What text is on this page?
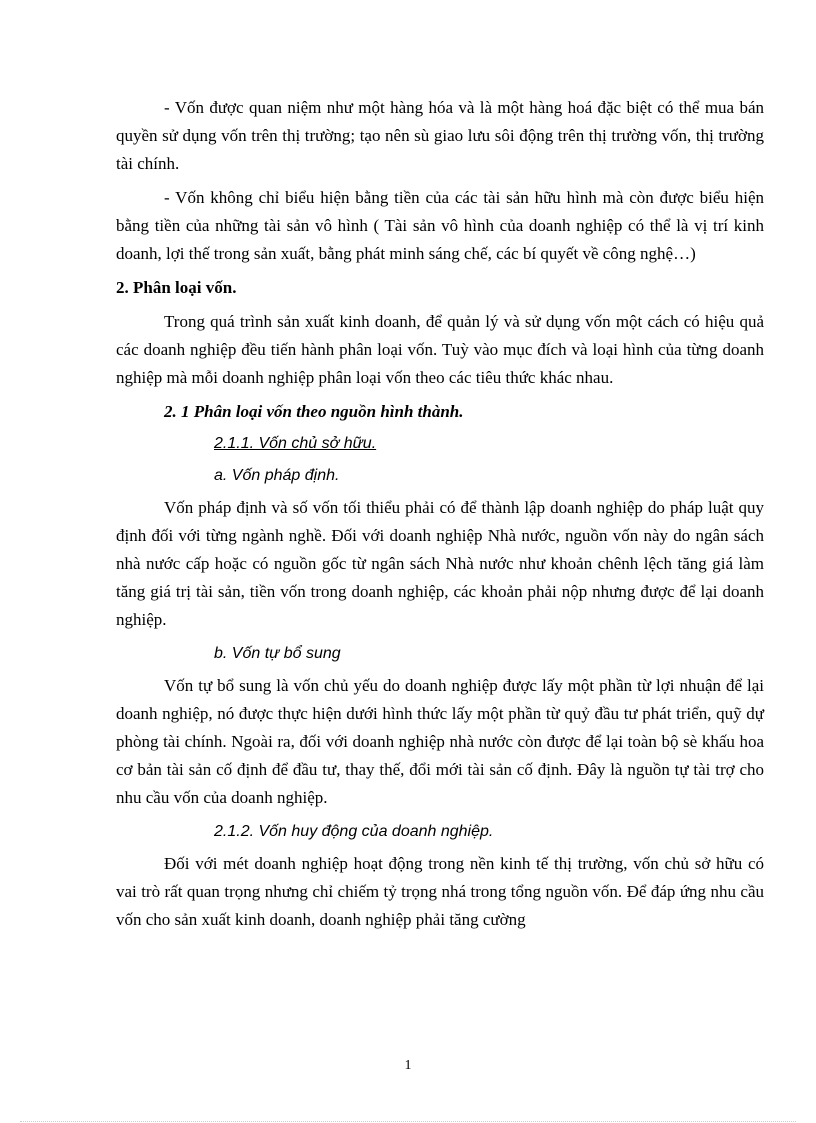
- Vốn được quan niệm như một hàng hóa và là một hàng hoá đặc biệt có thể mua bán quyền sử dụng vốn trên thị trường; tạo nên sù giao lưu sôi động trên thị trường vốn, thị trường tài chính.

- Vốn không chỉ biểu hiện bằng tiền của các tài sản hữu hình mà còn được biểu hiện bằng tiền của những tài sản vô hình ( Tài sản vô hình của doanh nghiệp có thể là vị trí kinh doanh, lợi thế trong sản xuất, bằng phát minh sáng chế, các bí quyết về công nghệ…)

2. Phân loại vốn.

Trong quá trình sản xuất kinh doanh, để quản lý và sử dụng vốn một cách có hiệu quả các doanh nghiệp đều tiến hành phân loại vốn. Tuỳ vào mục đích và loại hình của từng doanh nghiệp mà mỗi doanh nghiệp phân loại vốn theo các tiêu thức khác nhau.

2. 1 Phân loại vốn theo nguồn hình thành.

2.1.1. Vốn chủ sở hữu.

a. Vốn pháp định.

Vốn pháp định và số vốn tối thiểu phải có để thành lập doanh nghiệp do pháp luật quy định đối với từng ngành nghề. Đối với doanh nghiệp Nhà nước, nguồn vốn này do ngân sách nhà nước cấp hoặc có nguồn gốc từ ngân sách Nhà nước như khoản chênh lệch tăng giá làm tăng giá trị tài sản, tiền vốn trong doanh nghiệp, các khoản phải nộp nhưng được để lại doanh nghiệp.

b. Vốn tự bổ sung

Vốn tự bổ sung là vốn chủ yếu do doanh nghiệp được lấy một phần từ lợi nhuận để lại doanh nghiệp, nó được thực hiện dưới hình thức lấy một phần từ quỷ đầu tư phát triển, quỹ dự phòng tài chính. Ngoài ra, đối với doanh nghiệp nhà nước còn được để lại toàn bộ sè khấu hoa cơ bản tài sản cố định để đầu tư, thay thế, đổi mới tài sản cố định. Đây là nguồn tự tài trợ cho nhu cầu vốn của doanh nghiệp.

2.1.2. Vốn huy động của doanh nghiệp.

Đối với mét doanh nghiệp hoạt động trong nền kinh tế thị trường, vốn chủ sở hữu có vai trò rất quan trọng nhưng chỉ chiếm tỷ trọng nhá trong tổng nguồn vốn. Để đáp ứng nhu cầu vốn cho sản xuất kinh doanh, doanh nghiệp phải tăng cường

1
